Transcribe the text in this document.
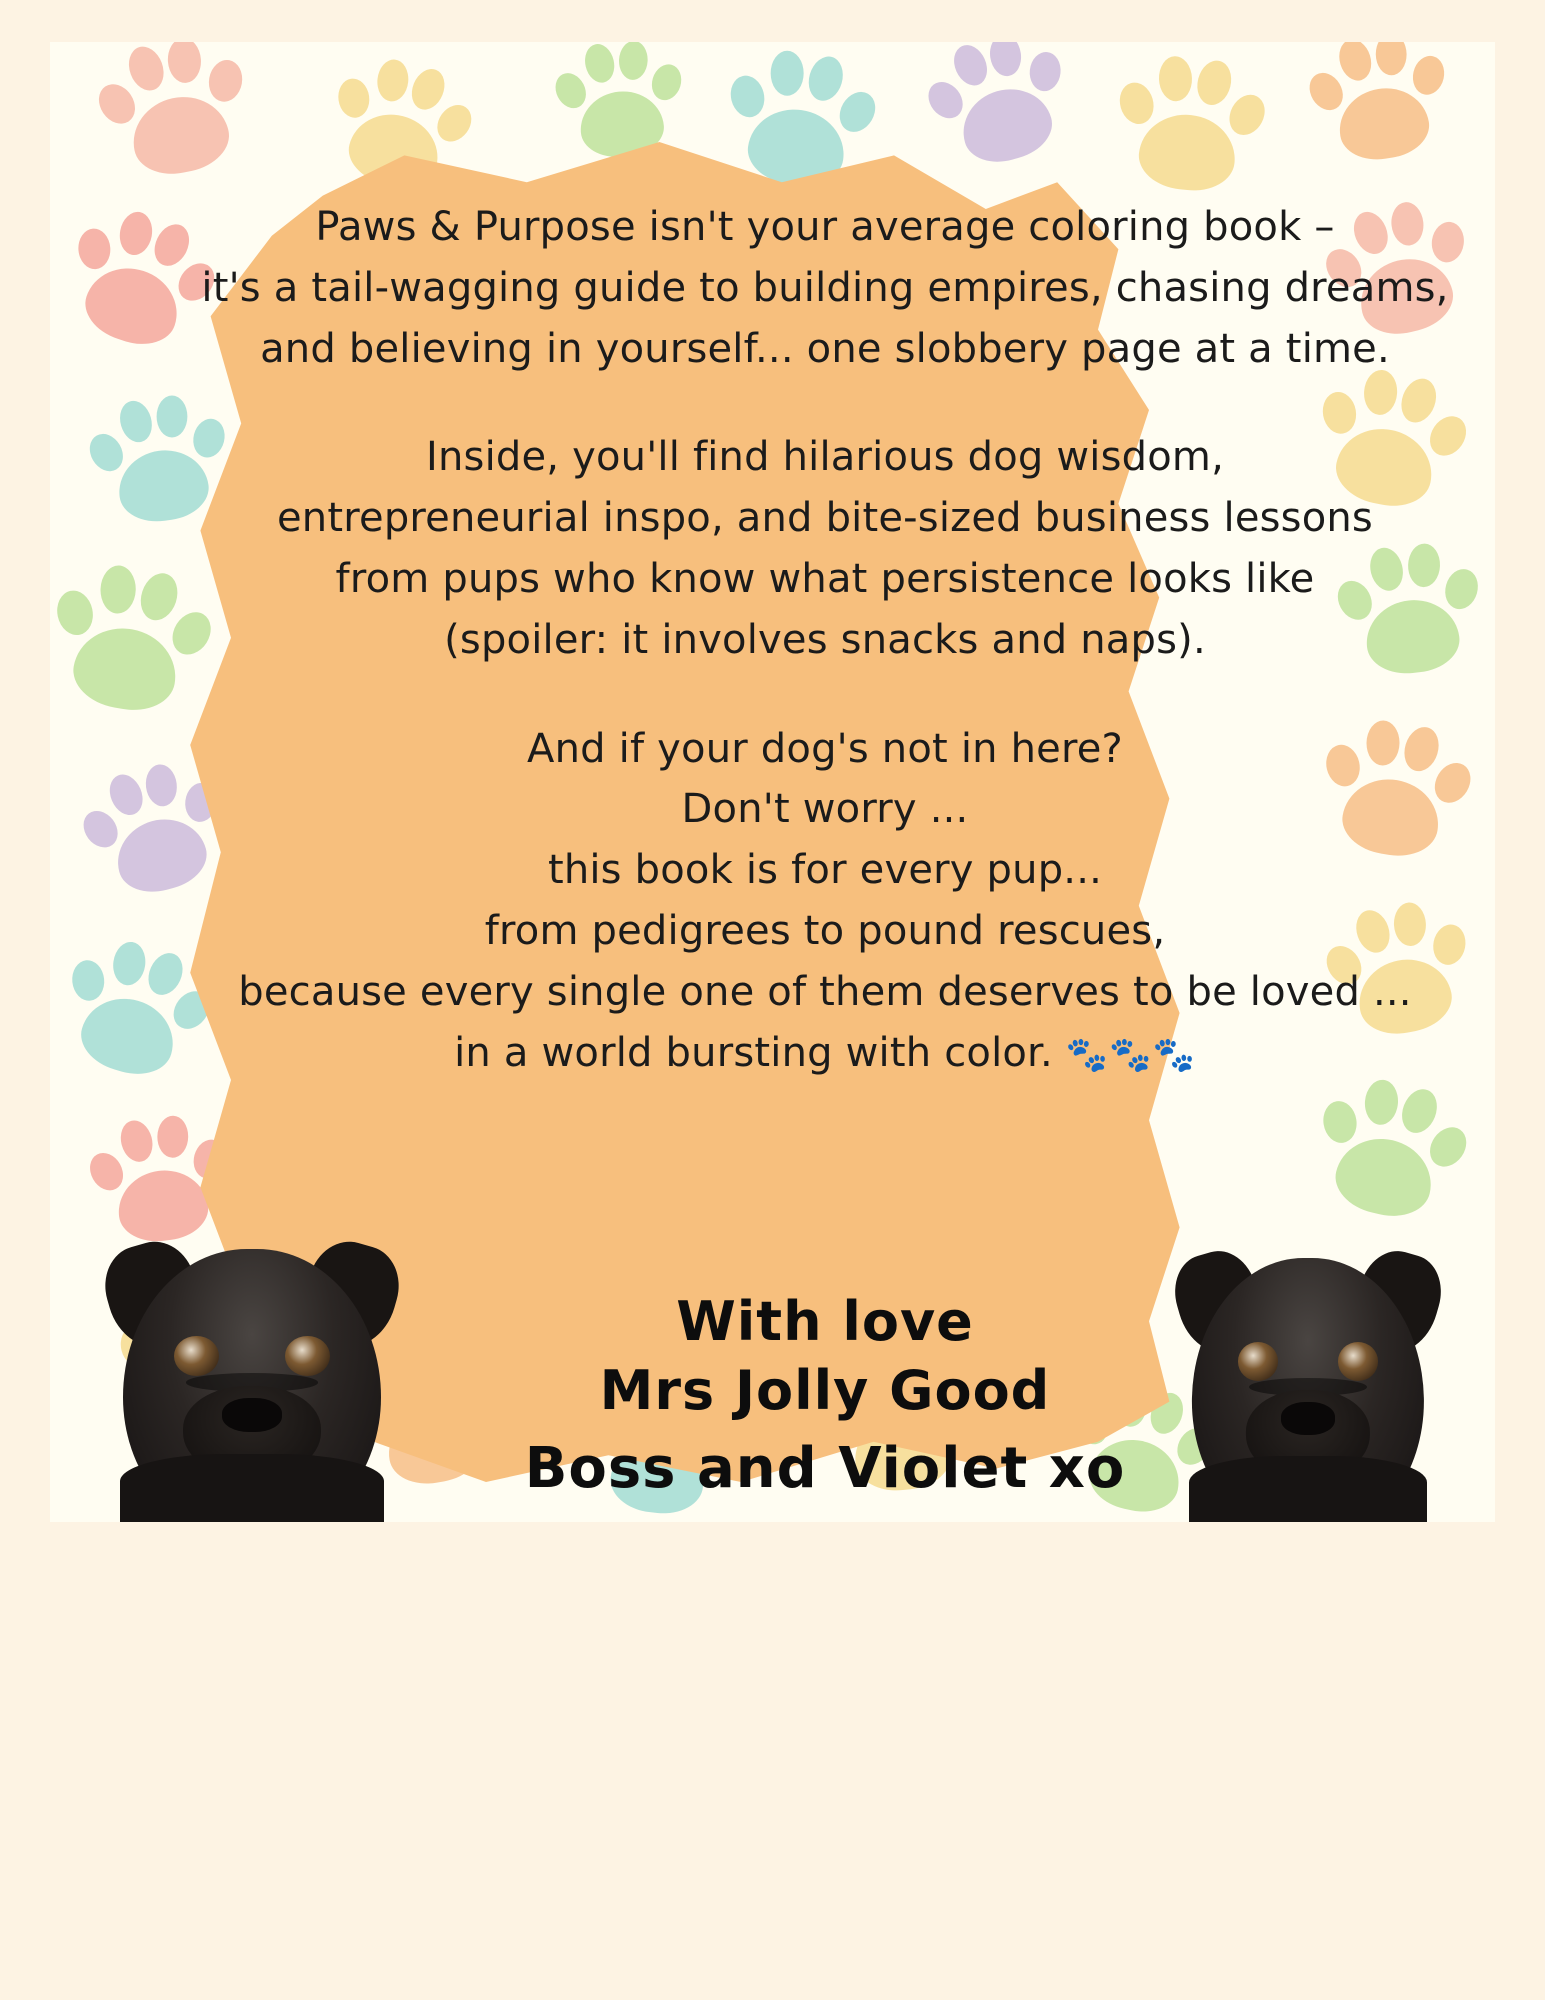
Paws & Purpose isn't your average coloring book –
it's a tail-wagging guide to building empires, chasing dreams,
and believing in yourself... one slobbery page at a time.

Inside, you'll find hilarious dog wisdom,
entrepreneurial inspo, and bite-sized business lessons
from pups who know what persistence looks like
(spoiler: it involves snacks and naps).

And if your dog's not in here?
Don't worry ...
this book is for every pup...
from pedigrees to pound rescues,
because every single one of them deserves to be loved ...
in a world bursting with color. 🐾🐾🐾

With love
Mrs Jolly Good
Boss and Violet xo
